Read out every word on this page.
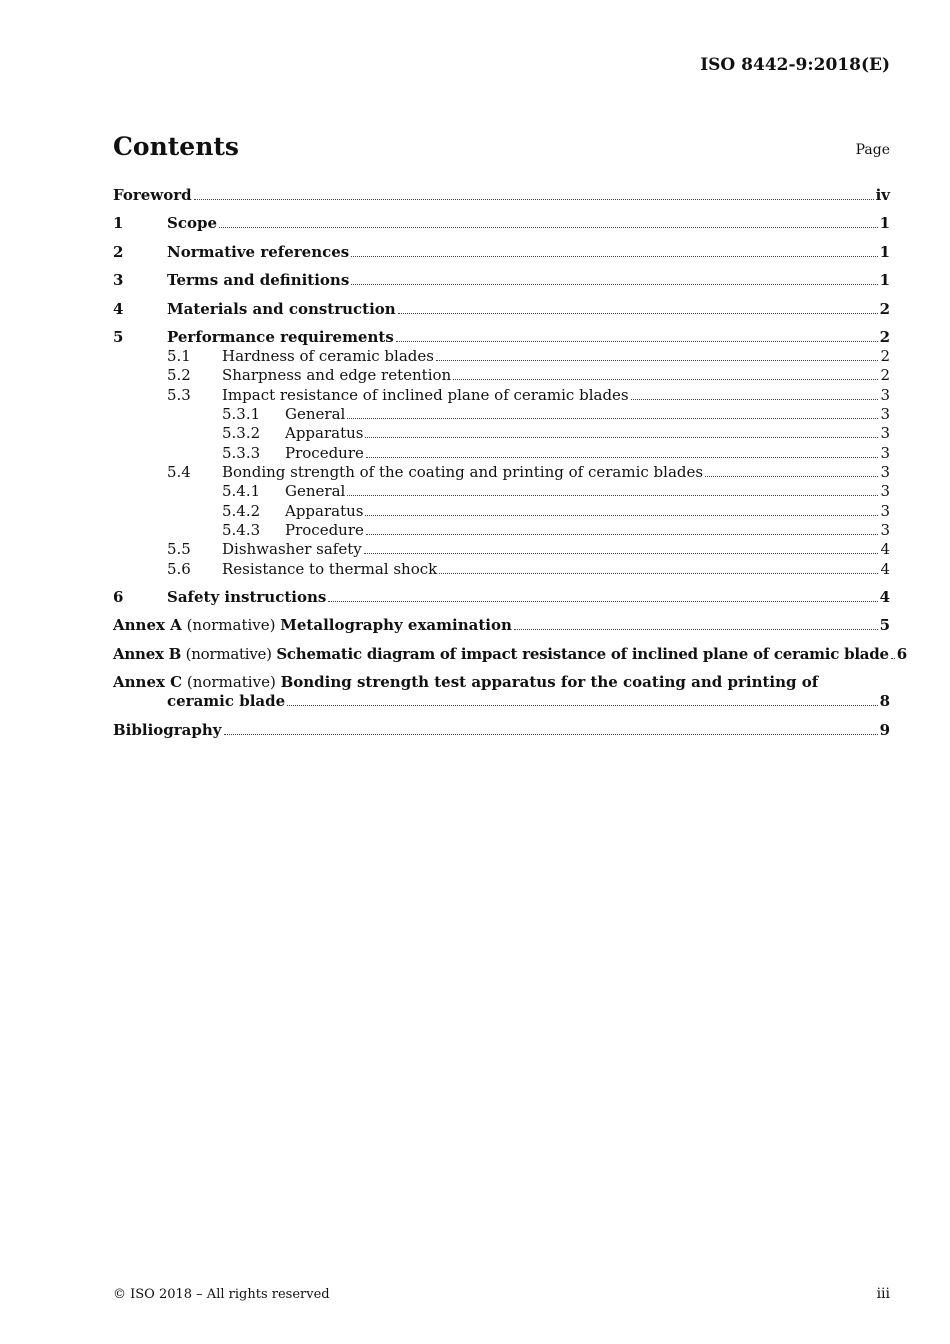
ISO 8442-9:2018(E)
Contents	Page
Foreword	iv
1	Scope	1
2	Normative references	1
3	Terms and definitions	1
4	Materials and construction	2
5	Performance requirements	2
5.1 Hardness of ceramic blades	2
5.2 Sharpness and edge retention	2
5.3 Impact resistance of inclined plane of ceramic blades	3
5.3.1 General	3
5.3.2 Apparatus	3
5.3.3 Procedure	3
5.4 Bonding strength of the coating and printing of ceramic blades	3
5.4.1 General	3
5.4.2 Apparatus	3
5.4.3 Procedure	3
5.5 Dishwasher safety	4
5.6 Resistance to thermal shock	4
6	Safety instructions	4
Annex A (normative) Metallography examination	5
Annex B (normative) Schematic diagram of impact resistance of inclined plane of ceramic blade 6
Annex C (normative) Bonding strength test apparatus for the coating and printing of
ceramic blade	8
Bibliography	9
© ISO 2018 – All rights reserved	iii
